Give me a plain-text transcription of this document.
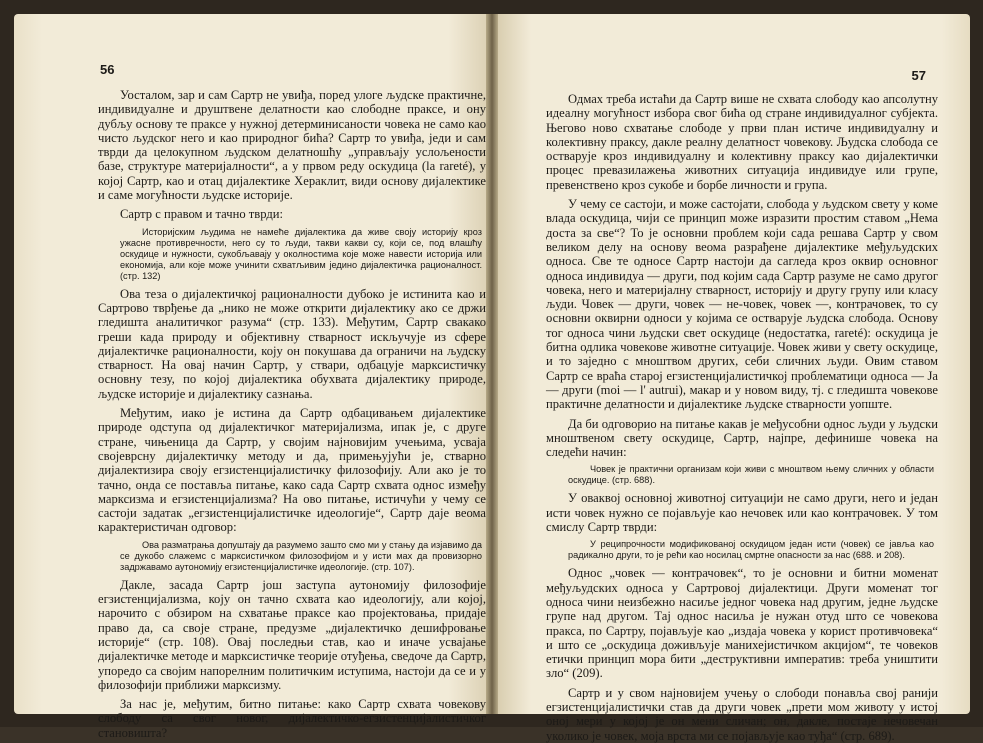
56

Уосталом, зар и сам Сартр не увиђа, поред улоге људске практичне, индивидуалне и друштвене делатности као слободне праксе, и ону дубљу основу те праксе у нужној детерминисаности човека не само као чисто људског него и као природног бића? Сартр то увиђа, једи и сам тврди да целокупном људском делатношћу „управљају услољености базе, структуре материјалности“, а у првом реду оскудица (la rareté), у којој Сартр, као и отац дијалектике Хераклит, види основу дијалектике и саме могућности људске историје.

Сартр с правом и тачно тврди:

Историјским људима не намеће дијалектика да живе своју историју кроз ужасне противречности, него су то људи, такви какви су, који се, под влашћу оскудице и нужности, сукобљавају у околностима које може навести историја или економија, али које може учинити схватљивим једино дијалектичка рационалност. (стр. 132)

Ова теза о дијалектичкој рационалности дубоко је истинита као и Сартрово тврђење да „нико не може открити дијалектику ако се држи гледишта аналитичког разума“ (стр. 133). Међутим, Сартр свакако греши када природу и објективну стварност искључује из сфере дијалектичке рационалности, коју он покушава да ограничи на људску стварност. На овај начин Сартр, у ствари, одбацује марксистичку основну тезу, по којој дијалектика обухвата дијалектику природе, људске историје и дијалектику сазнања.

Међутим, иако је истина да Сартр одбацивањем дијалектике природе одступа од дијалектичког материјализма, ипак је, с друге стране, чињеница да Сартр, у својим најновијим учењима, усваја својеврсну дијалектичку методу и да, примењујући је, стварно дијалектизира своју егзистенцијалистичку филозофију. Али ако је то тачно, онда се поставља питање, како сада Сартр схвата однос између марксизма и егзистенцијализма? На ово питање, истичући у чему се састоји задатак „егзистенцијалистичке идеологије“, Сартр даје веома карактеристичан одговор:

Ова разматрања допуштају да разумемо зашто смо ми у стању да изјавимо да се дукобо слажемс с марксистичком филозофијом и у исти мах да провизорно задржавамо аутономију егзистенцијалистичке идеологије. (стр. 107).

Дакле, засада Сартр још заступа аутономију филозофије егзистенцијализма, коју он тачно схвата као идеологију, али којој, нарочито с обзиром на схватање праксе као пројектовања, придаје право да, са своје стране, предузме „дијалектичко дешифровање историје“ (стр. 108). Овај последњи став, као и иначе усвајање дијалектичке методе и марксистичке теорије отуђења, сведоче да Сартр, упоредо са својим напорелним политичким иступима, настоји да се и у филозофији приближи марксизму.

За нас је, међутим, битно питање: како Сартр схвата човекову слободу са свог новог, дијалектичко-егзистенцијалистичког становишта?

57

Одмах треба истаћи да Сартр више не схвата слободу као апсолутну идеалну могућност избора свог бића од стране индивидуалног субјекта. Његово ново схватање слободе у први план истиче индивидуалну и колективну праксу, дакле реалну делатност човекову. Људска слобода се остварује кроз индивидуалну и колективну праксу као дијалектички процес превазилажења животних ситуација индивидуе или групе, превенствено кроз сукобе и борбе личности и група.

У чему се састоји, и може састојати, слобода у људском свету у коме влада оскудица, чији се принцип може изразити простим ставом „Нема доста за све“? То је основни проблем који сада решава Сартр у свом великом делу на основу веома разрађене дијалектике међуљудских односа. Све те односе Сартр настоји да сагледа кроз оквир основног односа индивидуа — други, под којим сада Сартр разуме не само другог човека, него и материјалну стварност, историју и другу групу или класу људи. Човек — други, човек — не-човек, човек —, контрачовек, то су основни оквирни односи у којима се остварује људска слобода. Основу тог односа чини људски свет оскудице (недостатка, rareté): оскудица је битна одлика човековe животне ситуације. Човек живи у свету оскудице, и то заједно с мноштвом других, себи сличних људи. Овим ставом Сартр се враћа старој егзистенцијалистичкој проблематици односа — Ја — други (moi — l' autrui), макар и у новом виду, тј. с гледишта човекове практичне делатности и дијалектике људске стварности уопште.

Да би одговорио на питање какав је међусобни однос људи у људски мноштвеном свету оскудице, Сартр, најпре, дефинише човека на следећи начин:

Човек је практични организам који живи с мноштвом њему сличних у области оскудице. (стр. 688).

У оваквој основној животној ситуацији не само други, него и један исти човек нужно се појављује као нечовек или као контрачовек. У том смислу Сартр тврди:

У реципрочности модификованој оскудицом један исти (човек) се јавља као радикално други, то је рећи као носилац смртне опасности за нас (688. и 208).

Однос „човек — контрачовек“, то је основни и битни моменат међуљудских односа у Сартровој дијалектици. Други моменат тог односа чини неизбежно насиље једног човека над другим, једне људске групе над другом. Тај однос насиља је нужан отуд што се човекова пракса, по Сартру, појављује као „издаја човека у корист противчовека“ и што се „оскудица доживљује манихејистичком акцијом“, те човеков етички принцип мора бити „деструктивни императив: треба уништити зло“ (209).

Сартр и у свом најновијем учењу о слободи понавља свој ранији егзистенцијалистички став да други човек „прети мом животу у истој оној мери у којој је он мени сличан; он, дакле, постаје нечовечан уколико је човек, моја врста ми се појављује као туђа“ (стр. 689).
